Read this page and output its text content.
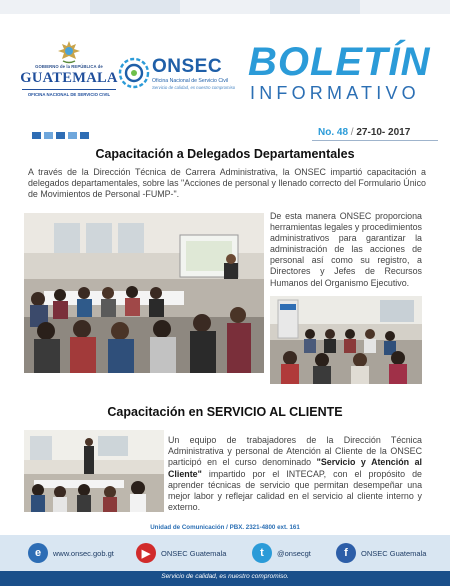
GOBIERNO de la REPÚBLICA de
GUATEMALA
OFICINA NACIONAL DE SERVICIO CIVIL
ONSEC
Oficina Nacional de Servicio Civil
Servicio de calidad, es nuestro compromiso
BOLETÍN
INFORMATIVO
No. 48 / 27-10- 2017
Capacitación a Delegados Departamentales
A través de la Dirección Técnica de Carrera Administrativa, la ONSEC impartió capacitación a delegados departamentales, sobre las "Acciones de personal y llenado correcto del Formulario Único de Movimientos de Personal -FUMP-".
De esta manera ONSEC proporciona herramientas legales y procedimientos administrativos para garantizar la administración de las acciones de personal así como su registro, a Directores y Jefes de Recursos Humanos del Organismo Ejecutivo.
Capacitación en SERVICIO AL CLIENTE
Un equipo de trabajadores de la Dirección Técnica Administrativa y personal de Atención al Cliente de la ONSEC participó en el curso denominado "Servicio y Atención al Cliente" impartido por el INTECAP, con el propósito de aprender técnicas de servicio que permitan desempeñar una mejor labor y reflejar calidad en el servicio al cliente interno y externo.
Unidad de Comunicación / PBX. 2321-4800 ext. 161
e	www.onsec.gob.gt	▶	ONSEC Guatemala	t	@onsecgt	f	ONSEC Guatemala
Servicio de calidad, es nuestro compromiso.
